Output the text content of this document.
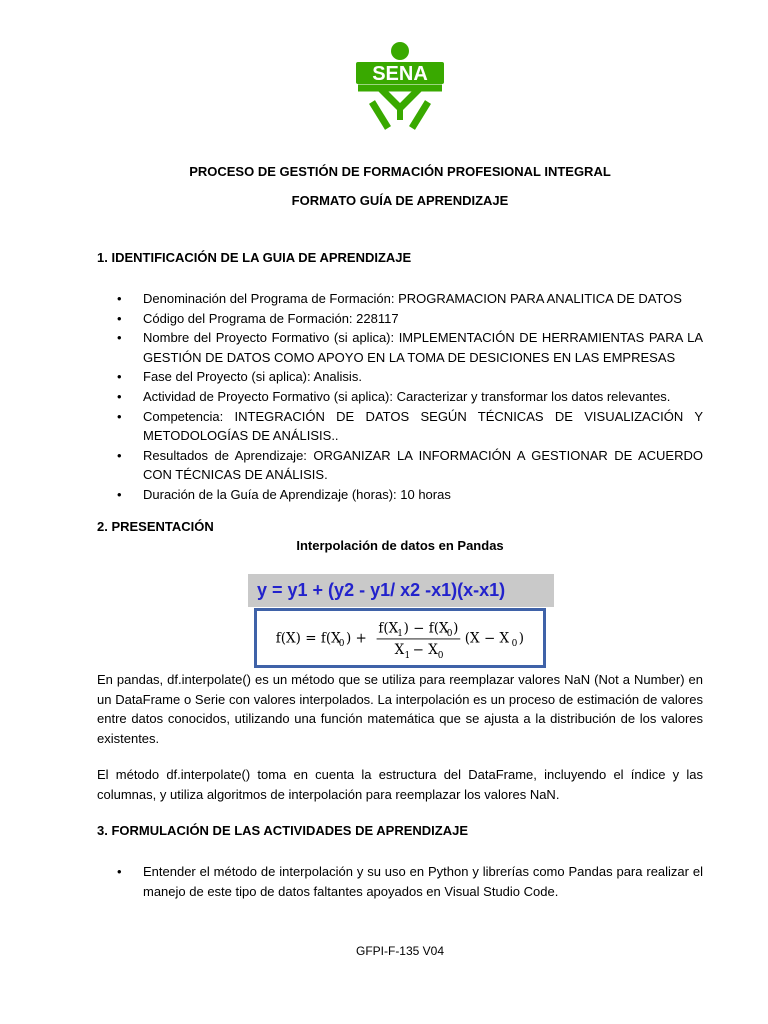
SENA
PROCESO DE GESTIÓN DE FORMACIÓN PROFESIONAL INTEGRAL
FORMATO GUÍA DE APRENDIZAJE
1. IDENTIFICACIÓN DE LA GUIA DE APRENDIZAJE
• Denominación del Programa de Formación: PROGRAMACION PARA ANALITICA DE DATOS
• Código del Programa de Formación: 228117
• Nombre del Proyecto Formativo (si aplica): IMPLEMENTACIÓN DE HERRAMIENTAS PARA LA GESTIÓN DE DATOS COMO APOYO EN LA TOMA DE DESICIONES EN LAS EMPRESAS
• Fase del Proyecto (si aplica): Analisis.
• Actividad de Proyecto Formativo (si aplica): Caracterizar y transformar los datos relevantes.
• Competencia: INTEGRACIÓN DE DATOS SEGÚN TÉCNICAS DE VISUALIZACIÓN Y METODOLOGÍAS DE ANÁLISIS..
• Resultados de Aprendizaje: ORGANIZAR LA INFORMACIÓN A GESTIONAR DE ACUERDO CON TÉCNICAS DE ANÁLISIS.
• Duración de la Guía de Aprendizaje (horas): 10 horas
2. PRESENTACIÓN
Interpolación de datos en Pandas
y = y1 + (y2 - y1/ x2 -x1)(x-x1)
f(X) = f(X
0 ) +
f(X 1 ) − f(X
0 )
X 1 − X 0
(X − X 0 )

En pandas, df.interpolate() es un método que se utiliza para reemplazar valores NaN (Not a Number) en un DataFrame o Serie con valores interpolados. La interpolación es un proceso de estimación de valores entre datos conocidos, utilizando una función matemática que se ajusta a la distribución de los valores existentes.

El método df.interpolate() toma en cuenta la estructura del DataFrame, incluyendo el índice y las columnas, y utiliza algoritmos de interpolación para reemplazar los valores NaN.

3. FORMULACIÓN DE LAS ACTIVIDADES DE APRENDIZAJE
• Entender el método de interpolación y su uso en Python y librerías como Pandas para realizar el manejo de este tipo de datos faltantes apoyados en Visual Studio Code.
GFPI-F-135 V04
